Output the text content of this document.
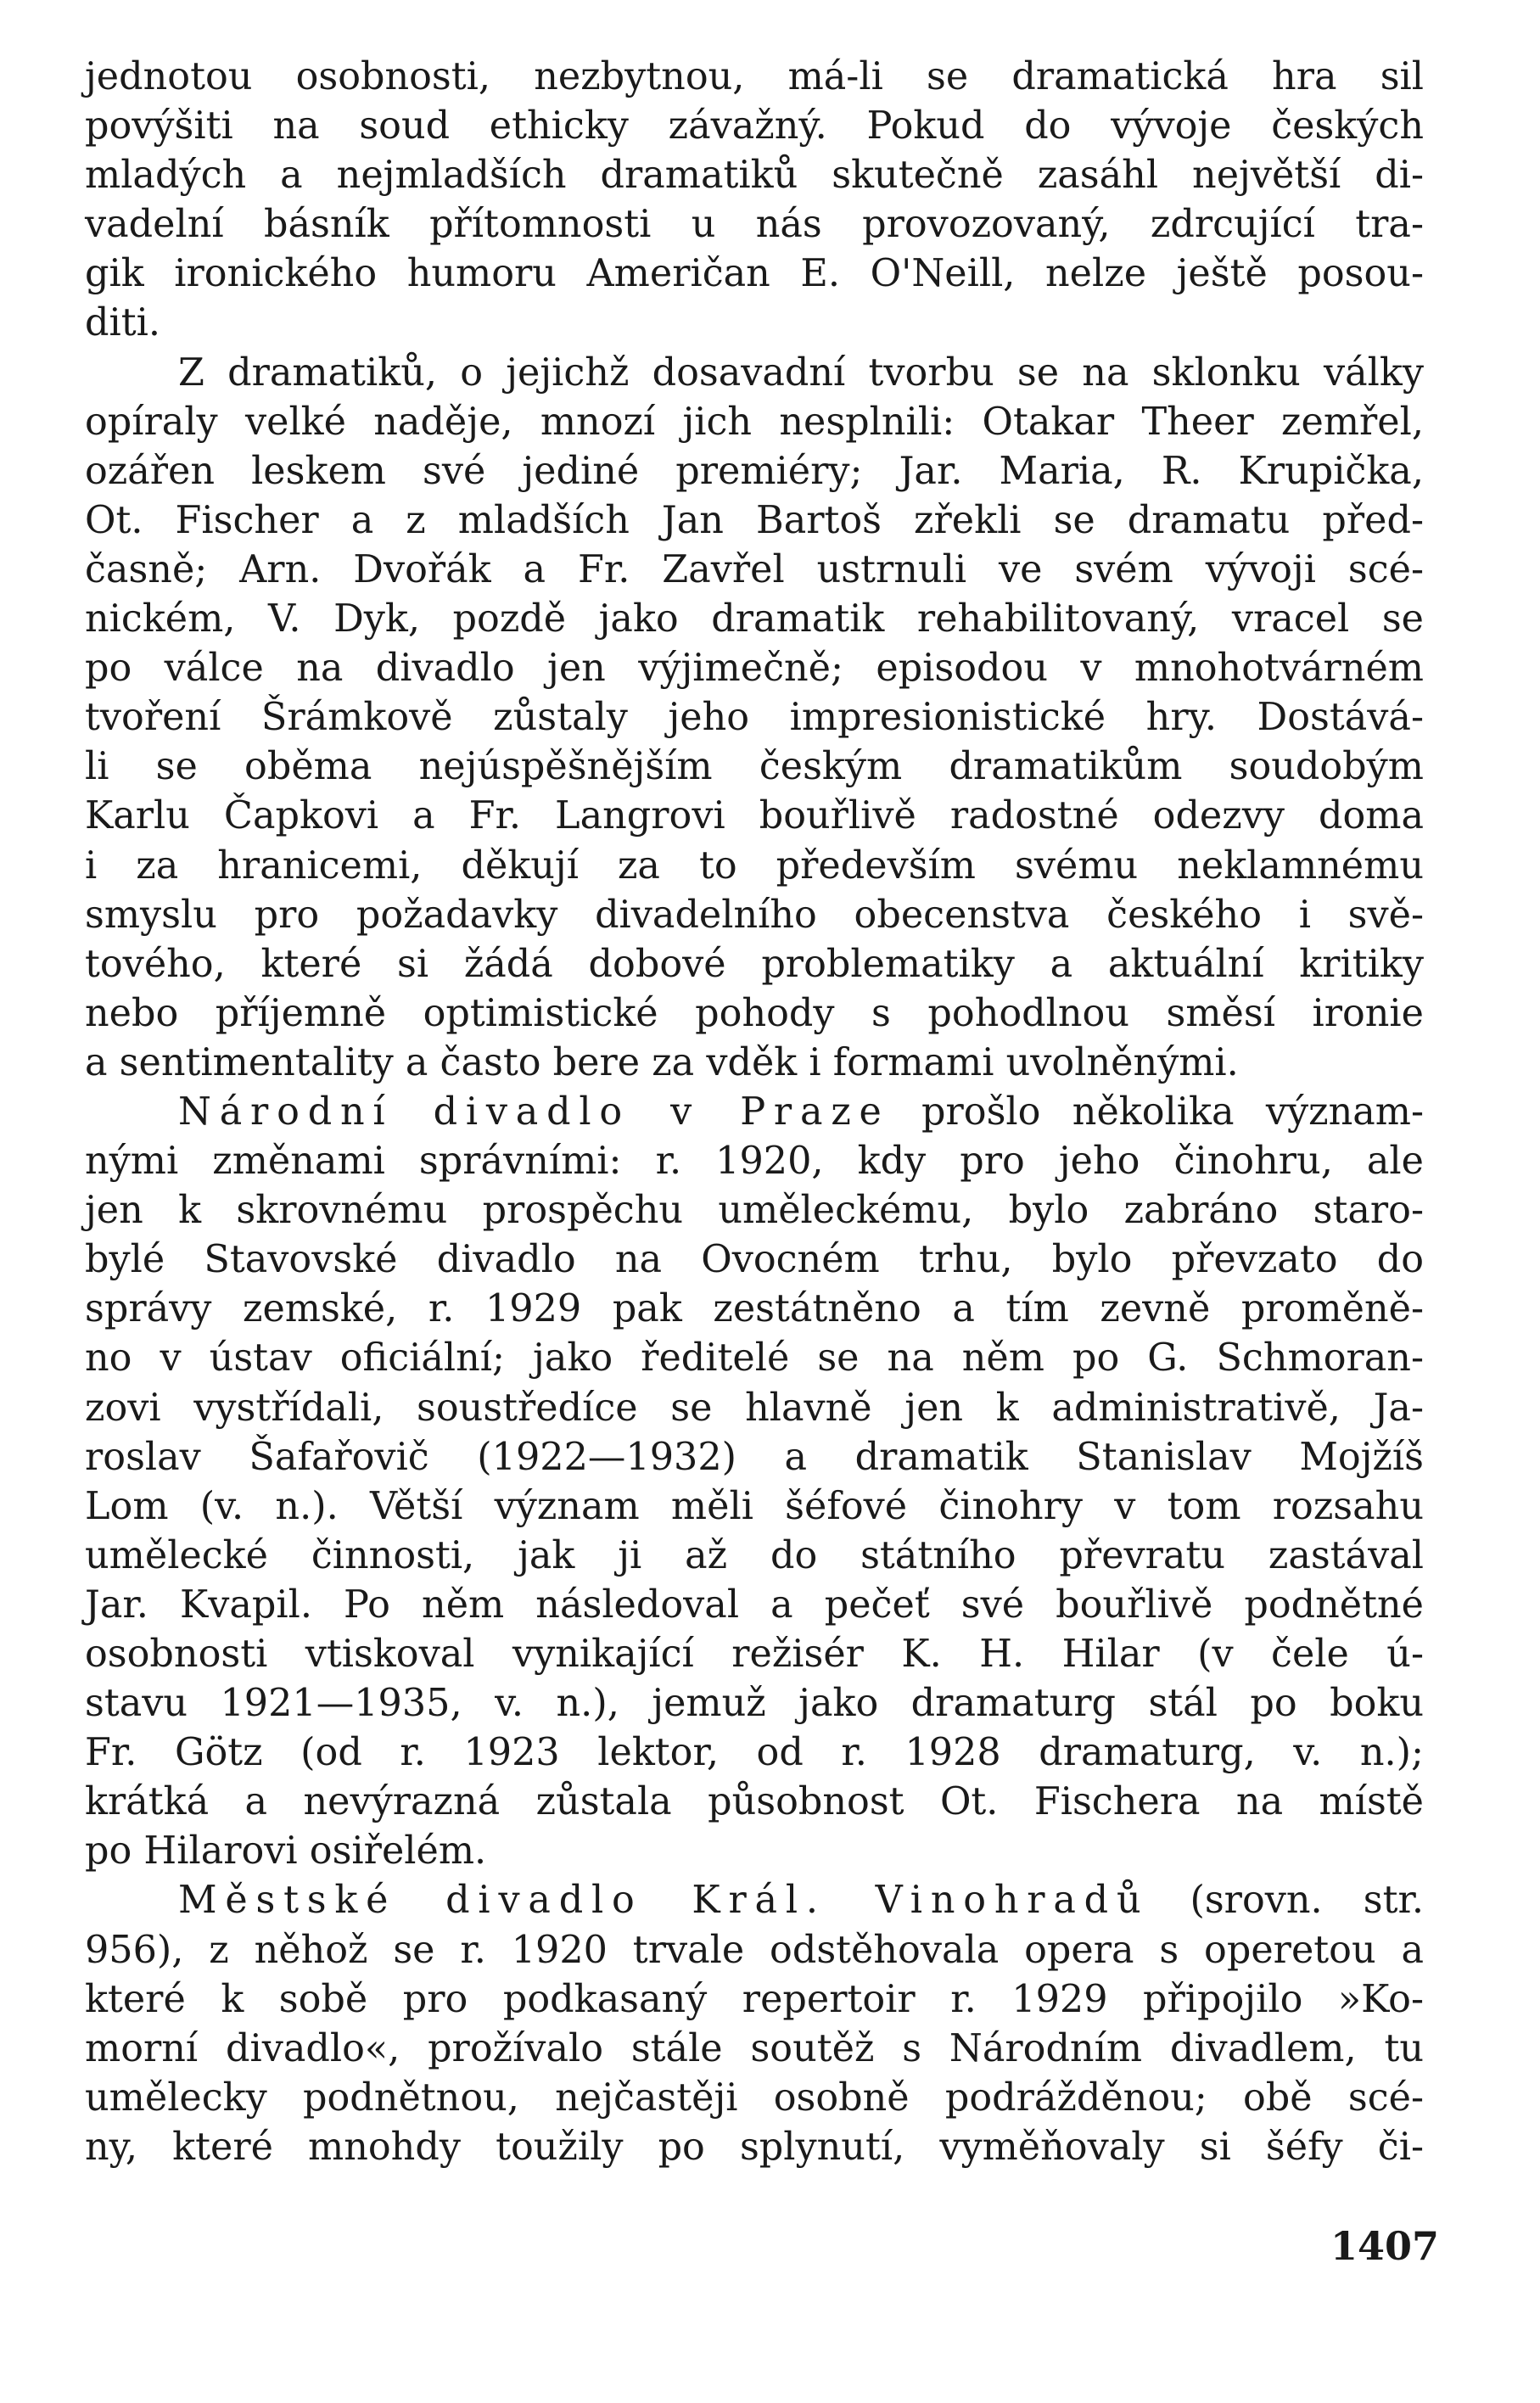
jednotou osobnosti, nezbytnou, má-li se dramatická hra sil
povýšiti na soud ethicky závažný. Pokud do vývoje českých
mladých a nejmladších dramatiků skutečně zasáhl největší di-
vadelní básník přítomnosti u nás provozovaný, zdrcující tra-
gik ironického humoru Američan E. O'Neill, nelze ještě posou-
diti.

Z dramatiků, o jejichž dosavadní tvorbu se na sklonku války
opíraly velké naděje, mnozí jich nesplnili: Otakar Theer zemřel,
ozářen leskem své jediné premiéry; Jar. Maria, R. Krupička,
Ot. Fischer a z mladších Jan Bartoš zřekli se dramatu před-
časně; Arn. Dvořák a Fr. Zavřel ustrnuli ve svém vývoji scé-
nickém, V. Dyk, pozdě jako dramatik rehabilitovaný, vracel se
po válce na divadlo jen výjimečně; episodou v mnohotvárném
tvoření Šrámkově zůstaly jeho impresionistické hry. Dostává-
li se oběma nejúspěšnějším českým dramatikům soudobým
Karlu Čapkovi a Fr. Langrovi bouřlivě radostné odezvy doma
i za hranicemi, děkují za to především svému neklamnému
smyslu pro požadavky divadelního obecenstva českého i svě-
tového, které si žádá dobové problematiky a aktuální kritiky
nebo příjemně optimistické pohody s pohodlnou směsí ironie
a sentimentality a často bere za vděk i formami uvolněnými.

Národní divadlo v Praze prošlo několika význam-
nými změnami správními: r. 1920, kdy pro jeho činohru, ale
jen k skrovnému prospěchu uměleckému, bylo zabráno staro-
bylé Stavovské divadlo na Ovocném trhu, bylo převzato do
správy zemské, r. 1929 pak zestátněno a tím zevně proměně-
no v ústav oficiální; jako ředitelé se na něm po G. Schmoran-
zovi vystřídali, soustředíce se hlavně jen k administrativě, Ja-
roslav Šafařovič (1922—1932) a dramatik Stanislav Mojžíš
Lom (v. n.). Větší význam měli šéfové činohry v tom rozsahu
umělecké činnosti, jak ji až do státního převratu zastával
Jar. Kvapil. Po něm následoval a pečeť své bouřlivě podnětné
osobnosti vtiskoval vynikající režisér K. H. Hilar (v čele ú-
stavu 1921—1935, v. n.), jemuž jako dramaturg stál po boku
Fr. Götz (od r. 1923 lektor, od r. 1928 dramaturg, v. n.);
krátká a nevýrazná zůstala působnost Ot. Fischera na místě
po Hilarovi osiřelém.

Městské divadlo Král. Vinohradů (srovn. str.
956), z něhož se r. 1920 trvale odstěhovala opera s operetou a
které k sobě pro podkasaný repertoir r. 1929 připojilo »Ko-
morní divadlo«, prožívalo stále soutěž s Národním divadlem, tu
umělecky podnětnou, nejčastěji osobně podrážděnou; obě scé-
ny, které mnohdy toužily po splynutí, vyměňovaly si šéfy či-

1407
